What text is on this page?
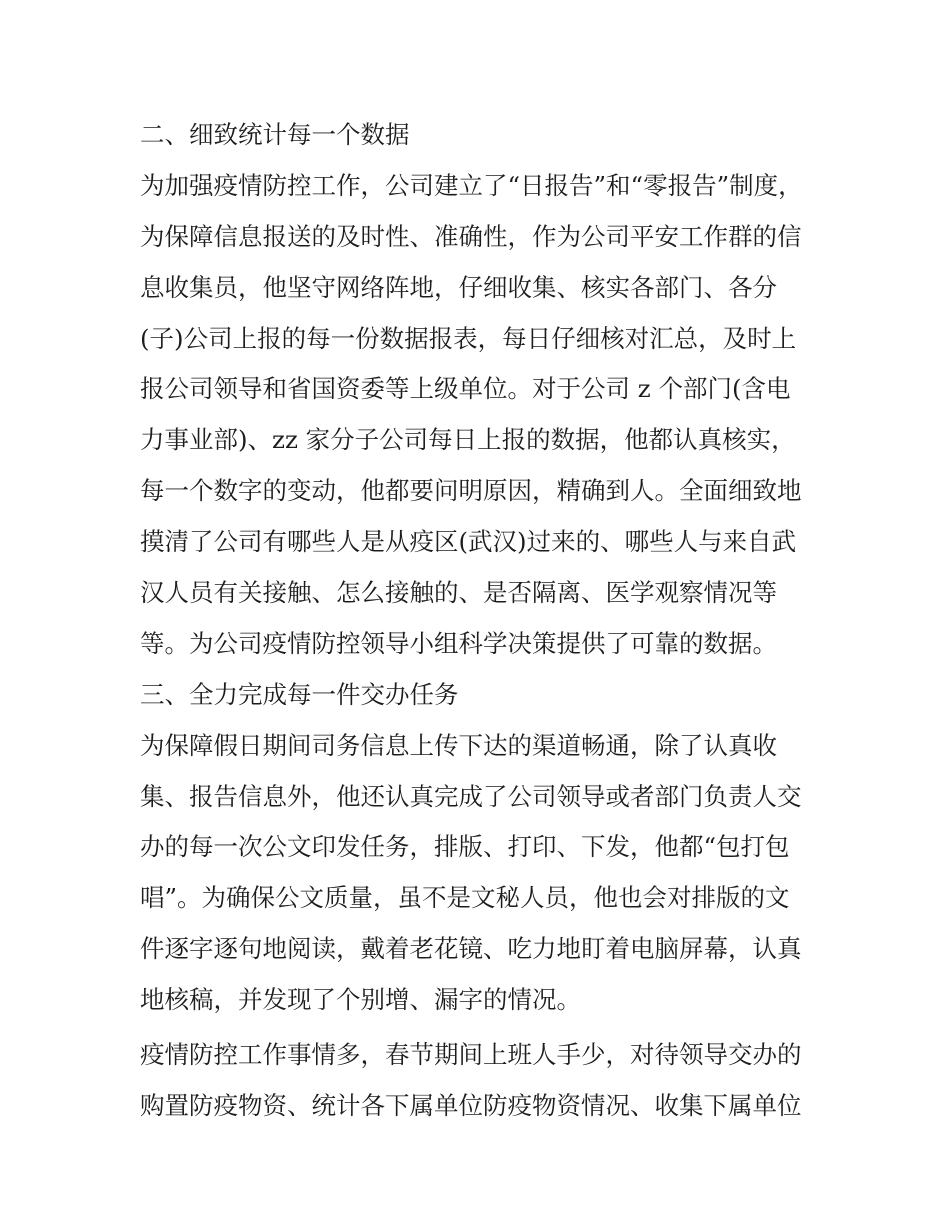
二、细致统计每一个数据
为加强疫情防控工作，公司建立了“日报告”和“零报告”制度，
为保障信息报送的及时性、准确性，作为公司平安工作群的信
息收集员，他坚守网络阵地，仔细收集、核实各部门、各分
(子)公司上报的每一份数据报表，每日仔细核对汇总，及时上
报公司领导和省国资委等上级单位。对于公司 z 个部门(含电
力事业部)、zz 家分子公司每日上报的数据，他都认真核实，
每一个数字的变动，他都要问明原因，精确到人。全面细致地
摸清了公司有哪些人是从疫区(武汉)过来的、哪些人与来自武
汉人员有关接触、怎么接触的、是否隔离、医学观察情况等
等。为公司疫情防控领导小组科学决策提供了可靠的数据。
三、全力完成每一件交办任务
为保障假日期间司务信息上传下达的渠道畅通，除了认真收
集、报告信息外，他还认真完成了公司领导或者部门负责人交
办的每一次公文印发任务，排版、打印、下发，他都“包打包
唱”。为确保公文质量，虽不是文秘人员，他也会对排版的文
件逐字逐句地阅读，戴着老花镜、吃力地盯着电脑屏幕，认真
地核稿，并发现了个别增、漏字的情况。
疫情防控工作事情多，春节期间上班人手少，对待领导交办的
购置防疫物资、统计各下属单位防疫物资情况、收集下属单位
